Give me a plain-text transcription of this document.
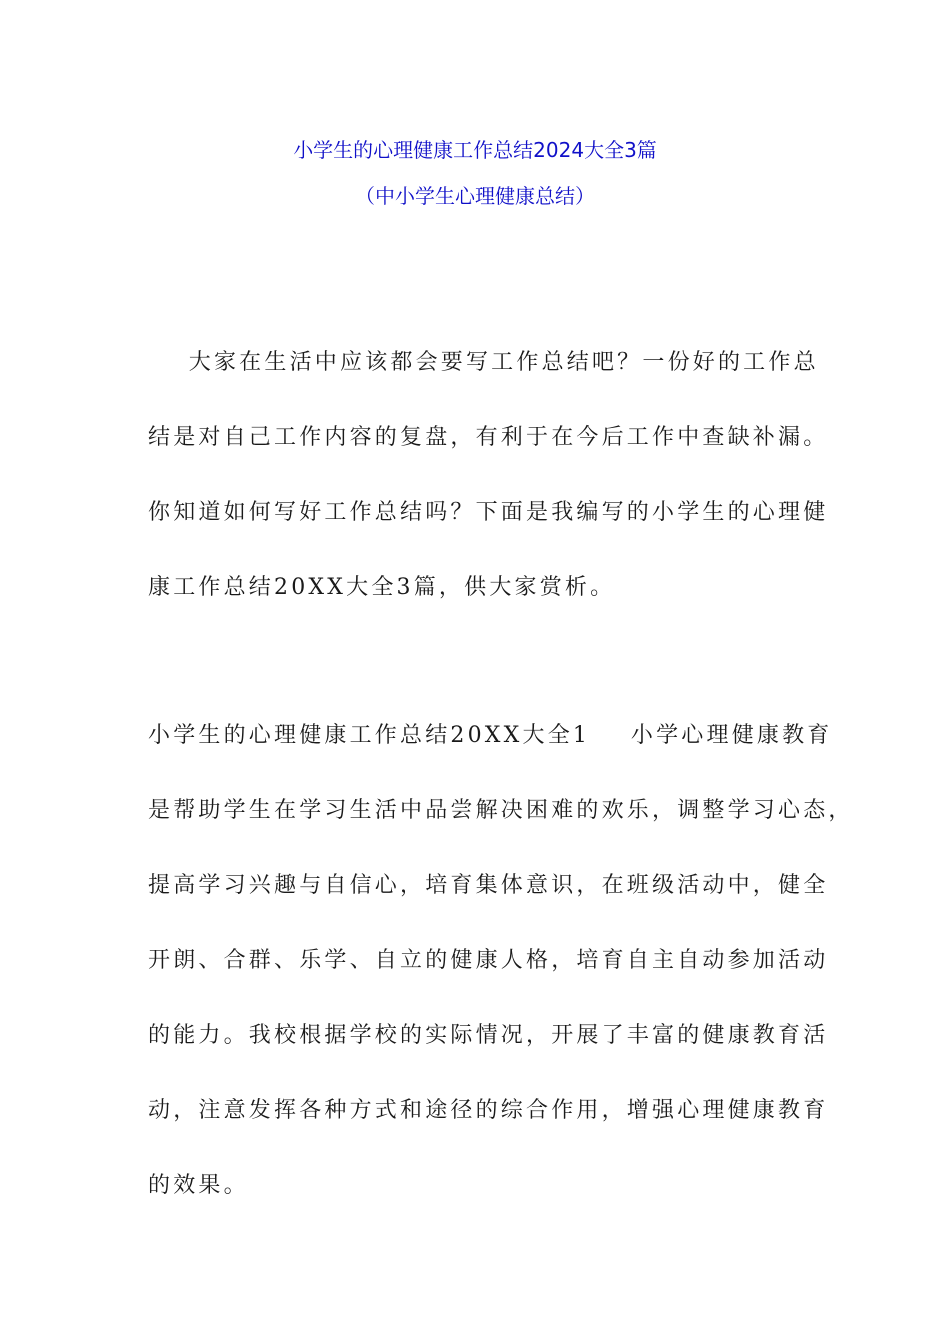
小学生的心理健康工作总结2024大全3篇
（中小学生心理健康总结）
大家在生活中应该都会要写工作总结吧？一份好的工作总
结是对自己工作内容的复盘，有利于在今后工作中查缺补漏。
你知道如何写好工作总结吗？下面是我编写的小学生的心理健
康工作总结20XX大全3篇，供大家赏析。
小学生的心理健康工作总结20XX大全1    小学心理健康教育
是帮助学生在学习生活中品尝解决困难的欢乐，调整学习心态，
提高学习兴趣与自信心，培育集体意识，在班级活动中，健全
开朗、合群、乐学、自立的健康人格，培育自主自动参加活动
的能力。我校根据学校的实际情况，开展了丰富的健康教育活
动，注意发挥各种方式和途径的综合作用，增强心理健康教育
的效果。
